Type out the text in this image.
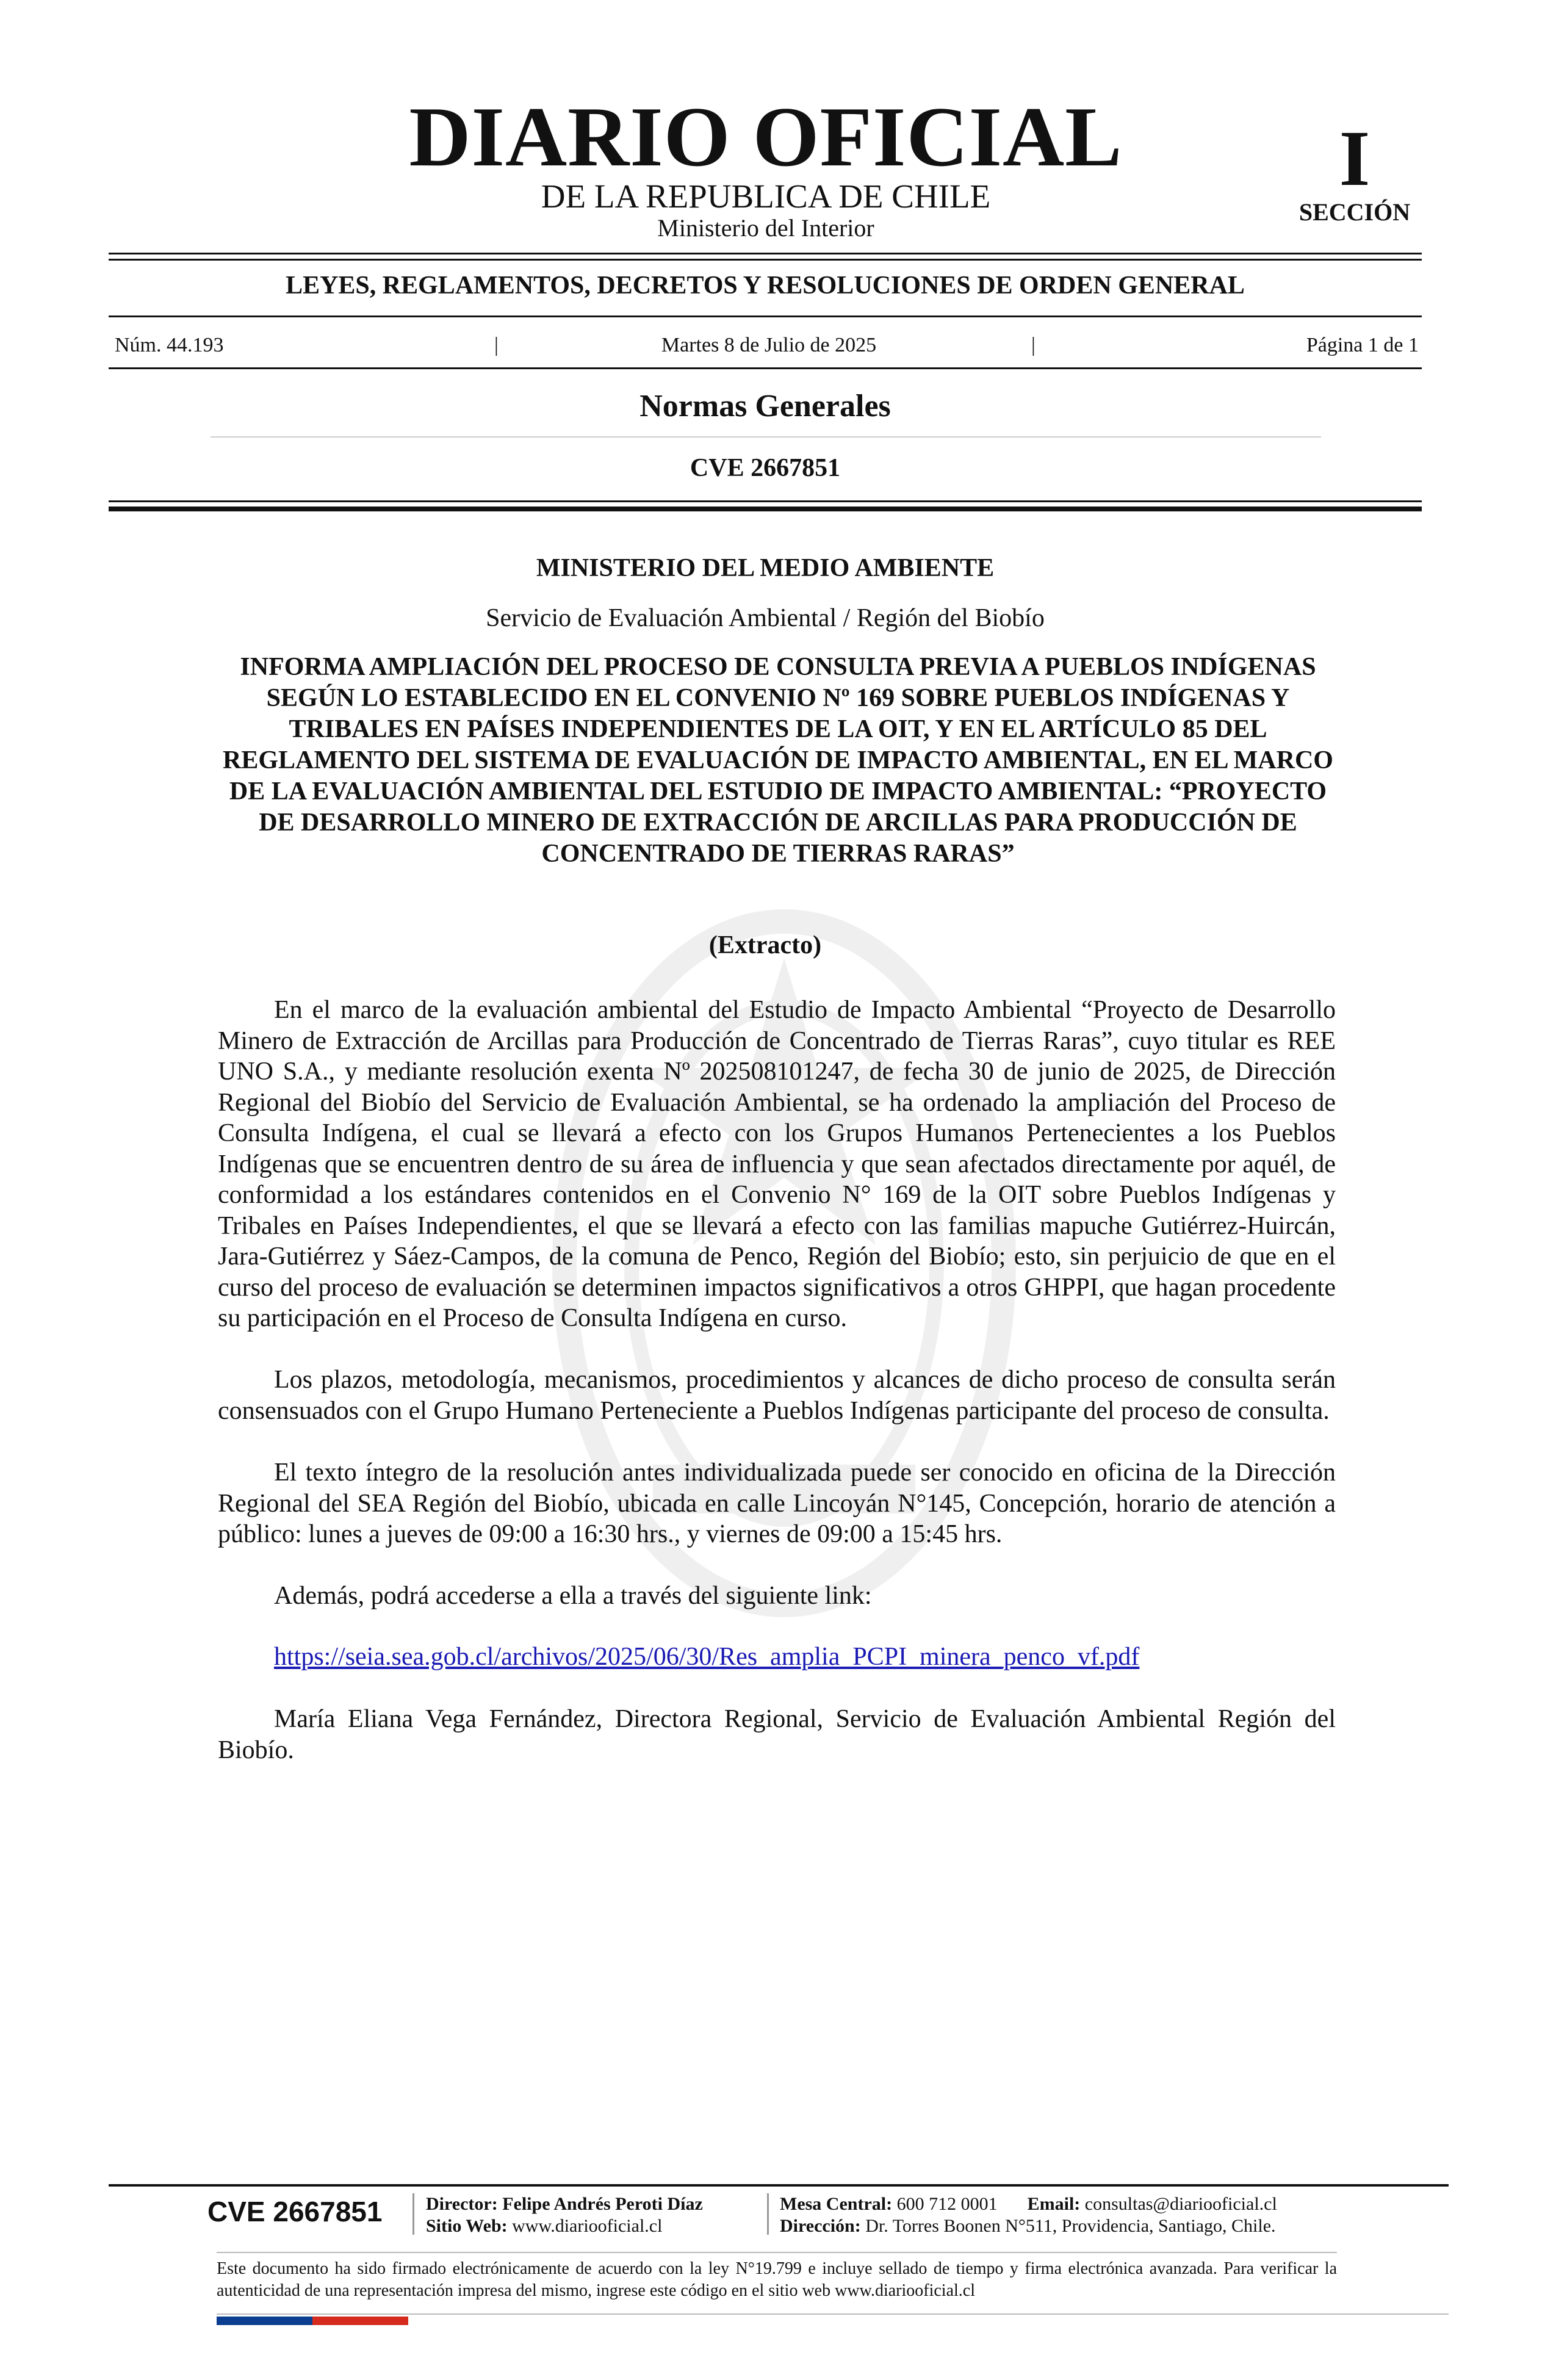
DIARIO OFICIAL
DE LA REPUBLICA DE CHILE
Ministerio del Interior
I
SECCIÓN
LEYES, REGLAMENTOS, DECRETOS Y RESOLUCIONES DE ORDEN GENERAL
Núm. 44.193	|	Martes 8 de Julio de 2025	|	Página 1 de 1
Normas Generales
CVE 2667851
MINISTERIO DEL MEDIO AMBIENTE
Servicio de Evaluación Ambiental / Región del Biobío
INFORMA AMPLIACIÓN DEL PROCESO DE CONSULTA PREVIA A PUEBLOS INDÍGENAS SEGÚN LO ESTABLECIDO EN EL CONVENIO Nº 169 SOBRE PUEBLOS INDÍGENAS Y TRIBALES EN PAÍSES INDEPENDIENTES DE LA OIT, Y EN EL ARTÍCULO 85 DEL REGLAMENTO DEL SISTEMA DE EVALUACIÓN DE IMPACTO AMBIENTAL, EN EL MARCO DE LA EVALUACIÓN AMBIENTAL DEL ESTUDIO DE IMPACTO AMBIENTAL: “PROYECTO DE DESARROLLO MINERO DE EXTRACCIÓN DE ARCILLAS PARA PRODUCCIÓN DE CONCENTRADO DE TIERRAS RARAS”
(Extracto)

En el marco de la evaluación ambiental del Estudio de Impacto Ambiental “Proyecto de Desarrollo Minero de Extracción de Arcillas para Producción de Concentrado de Tierras Raras”, cuyo titular es REE UNO S.A., y mediante resolución exenta Nº 202508101247, de fecha 30 de junio de 2025, de Dirección Regional del Biobío del Servicio de Evaluación Ambiental, se ha ordenado la ampliación del Proceso de Consulta Indígena, el cual se llevará a efecto con los Grupos Humanos Pertenecientes a los Pueblos Indígenas que se encuentren dentro de su área de influencia y que sean afectados directamente por aquél, de conformidad a los estándares contenidos en el Convenio N° 169 de la OIT sobre Pueblos Indígenas y Tribales en Países Independientes, el que se llevará a efecto con las familias mapuche Gutiérrez-Huircán, Jara-Gutiérrez y Sáez-Campos, de la comuna de Penco, Región del Biobío; esto, sin perjuicio de que en el curso del proceso de evaluación se determinen impactos significativos a otros GHPPI, que hagan procedente su participación en el Proceso de Consulta Indígena en curso.

Los plazos, metodología, mecanismos, procedimientos y alcances de dicho proceso de consulta serán consensuados con el Grupo Humano Perteneciente a Pueblos Indígenas participante del proceso de consulta.

El texto íntegro de la resolución antes individualizada puede ser conocido en oficina de la Dirección Regional del SEA Región del Biobío, ubicada en calle Lincoyán N°145, Concepción, horario de atención a público: lunes a jueves de 09:00 a 16:30 hrs., y viernes de 09:00 a 15:45 hrs.

Además, podrá accederse a ella a través del siguiente link:

https://seia.sea.gob.cl/archivos/2025/06/30/Res_amplia_PCPI_minera_penco_vf.pdf

María Eliana Vega Fernández, Directora Regional, Servicio de Evaluación Ambiental Región del Biobío.

CVE 2667851 Director: Felipe Andrés Peroti Díaz
Sitio Web: www.diariooficial.cl
Mesa Central: 600 712 0001 Email: consultas@diariooficial.cl
Dirección: Dr. Torres Boonen N°511, Providencia, Santiago, Chile.
Este documento ha sido firmado electrónicamente de acuerdo con la ley N°19.799 e incluye sellado de tiempo y firma electrónica avanzada. Para verificar la autenticidad de una representación impresa del mismo, ingrese este código en el sitio web www.diariooficial.cl
